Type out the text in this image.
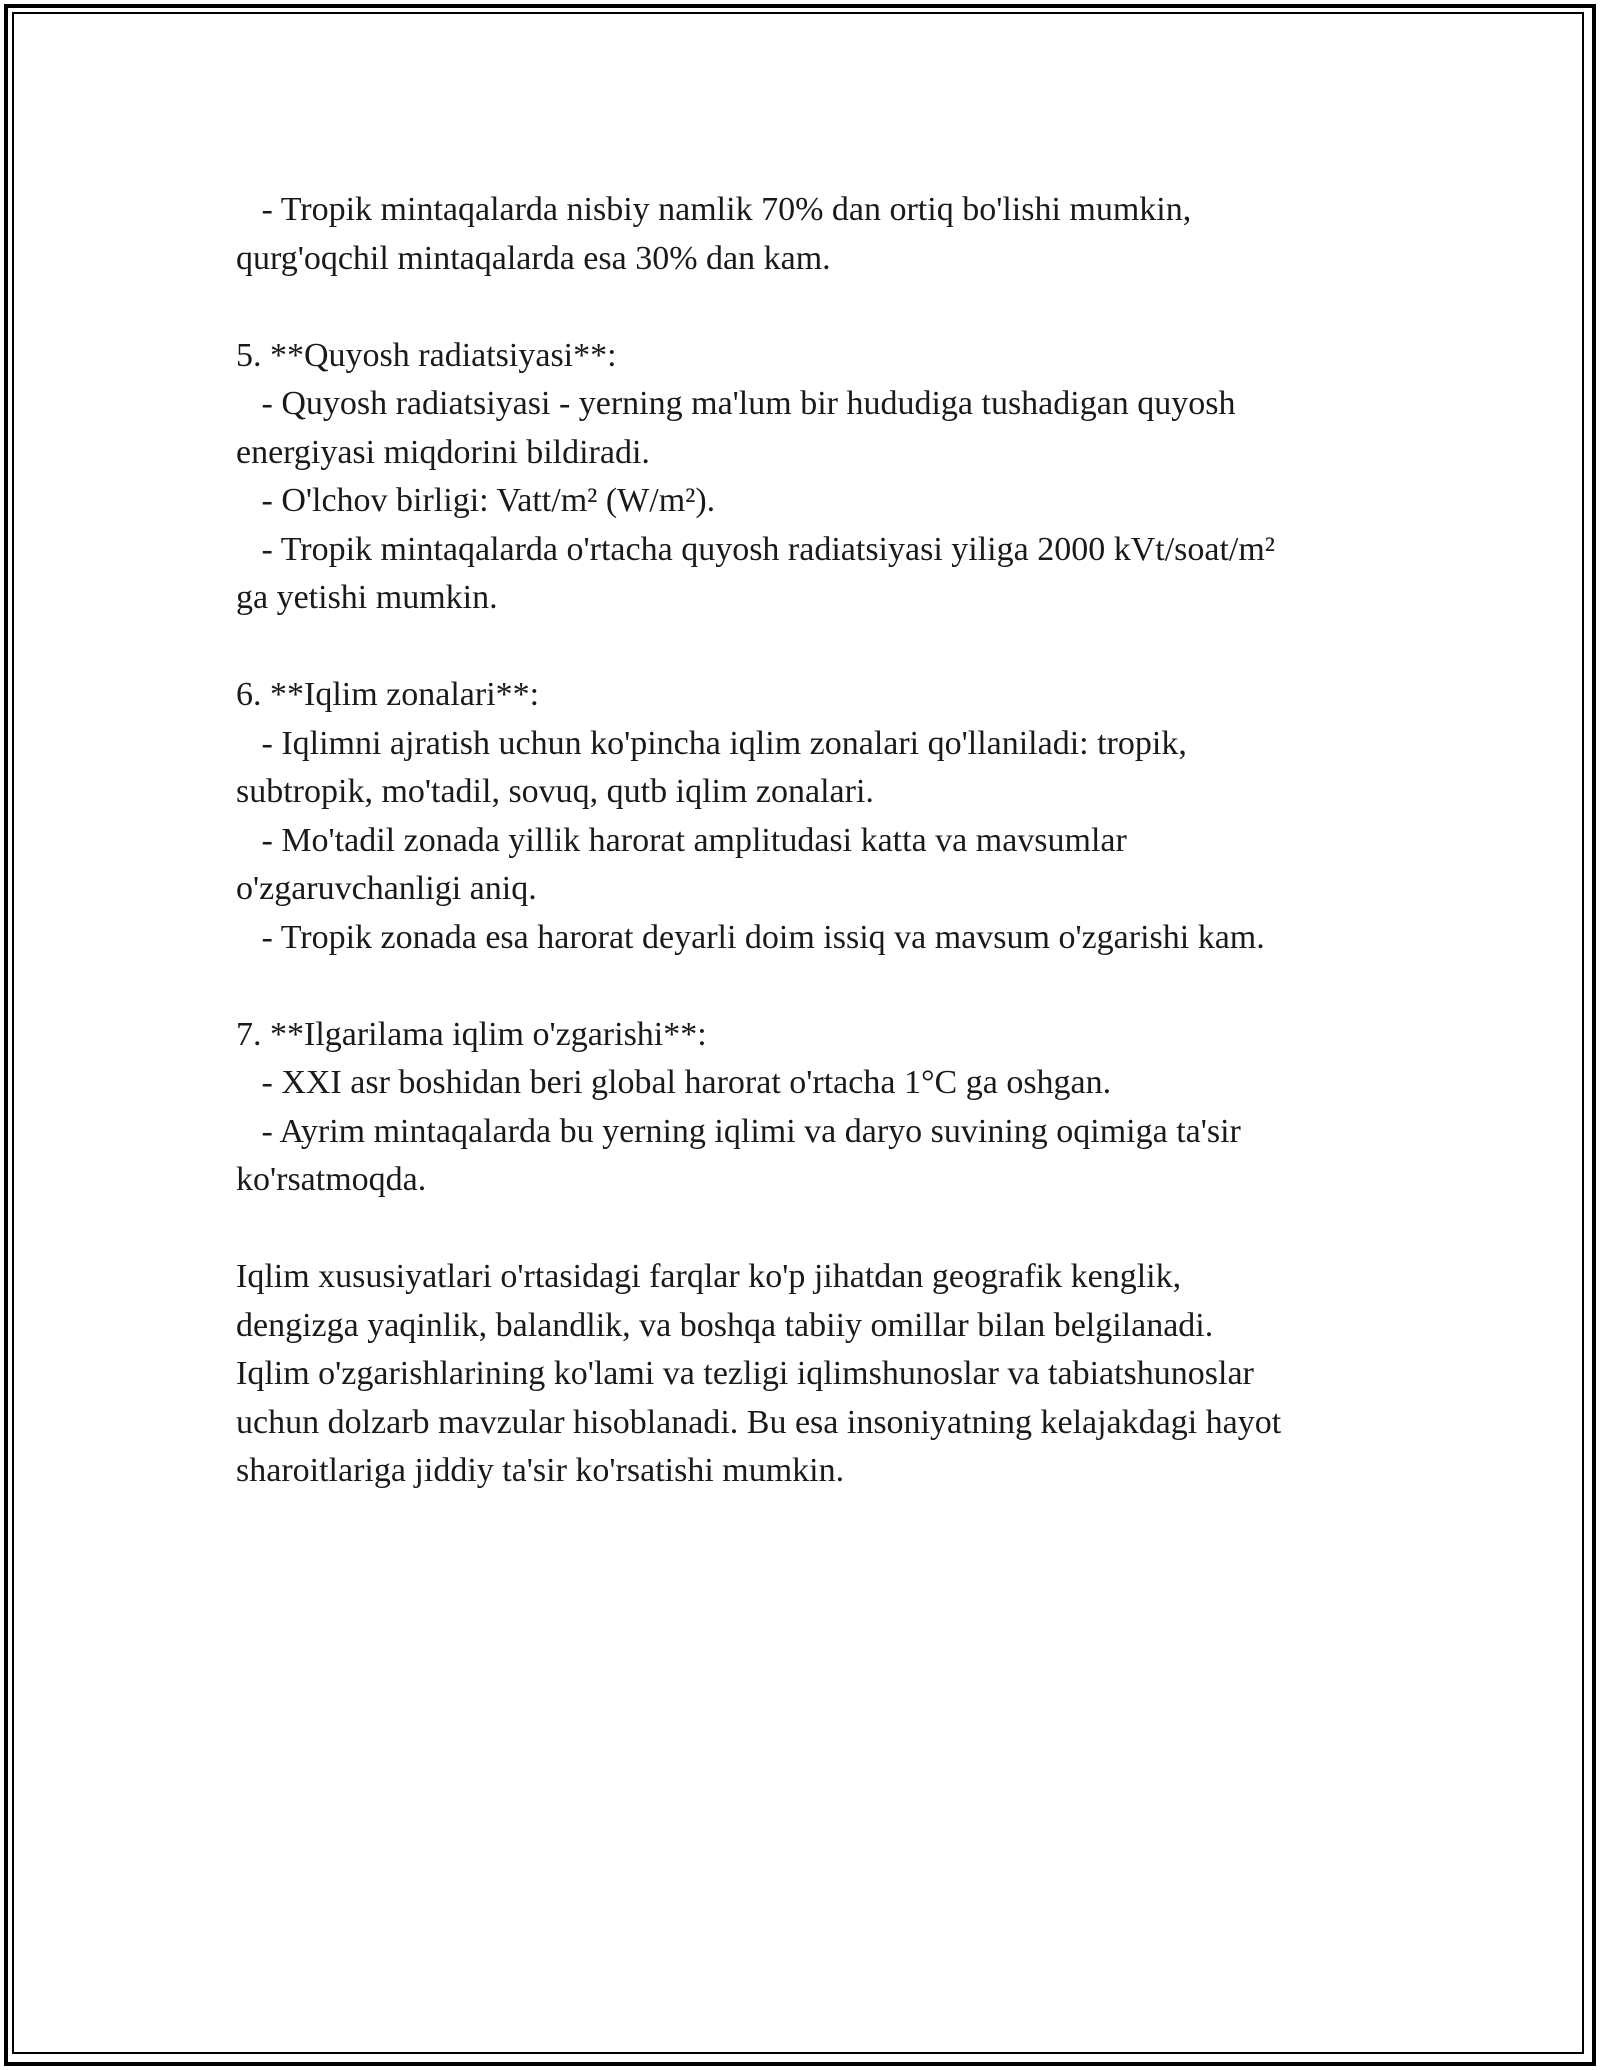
- Tropik mintaqalarda nisbiy namlik 70% dan ortiq bo'lishi mumkin,
qurg'oqchil mintaqalarda esa 30% dan kam.
5. **Quyosh radiatsiyasi**:
- Quyosh radiatsiyasi - yerning ma'lum bir hududiga tushadigan quyosh
energiyasi miqdorini bildiradi.
- O'lchov birligi: Vatt/m² (W/m²).
- Tropik mintaqalarda o'rtacha quyosh radiatsiyasi yiliga 2000 kVt/soat/m²
ga yetishi mumkin.
6. **Iqlim zonalari**:
- Iqlimni ajratish uchun ko'pincha iqlim zonalari qo'llaniladi: tropik,
subtropik, mo'tadil, sovuq, qutb iqlim zonalari.
- Mo'tadil zonada yillik harorat amplitudasi katta va mavsumlar
o'zgaruvchanligi aniq.
- Tropik zonada esa harorat deyarli doim issiq va mavsum o'zgarishi kam.
7. **Ilgarilama iqlim o'zgarishi**:
- XXI asr boshidan beri global harorat o'rtacha 1°C ga oshgan.
- Ayrim mintaqalarda bu yerning iqlimi va daryo suvining oqimiga ta'sir
ko'rsatmoqda.
Iqlim xususiyatlari o'rtasidagi farqlar ko'p jihatdan geografik kenglik,
dengizga yaqinlik, balandlik, va boshqa tabiiy omillar bilan belgilanadi.
Iqlim o'zgarishlarining ko'lami va tezligi iqlimshunoslar va tabiatshunoslar
uchun dolzarb mavzular hisoblanadi. Bu esa insoniyatning kelajakdagi hayot
sharoitlariga jiddiy ta'sir ko'rsatishi mumkin.
